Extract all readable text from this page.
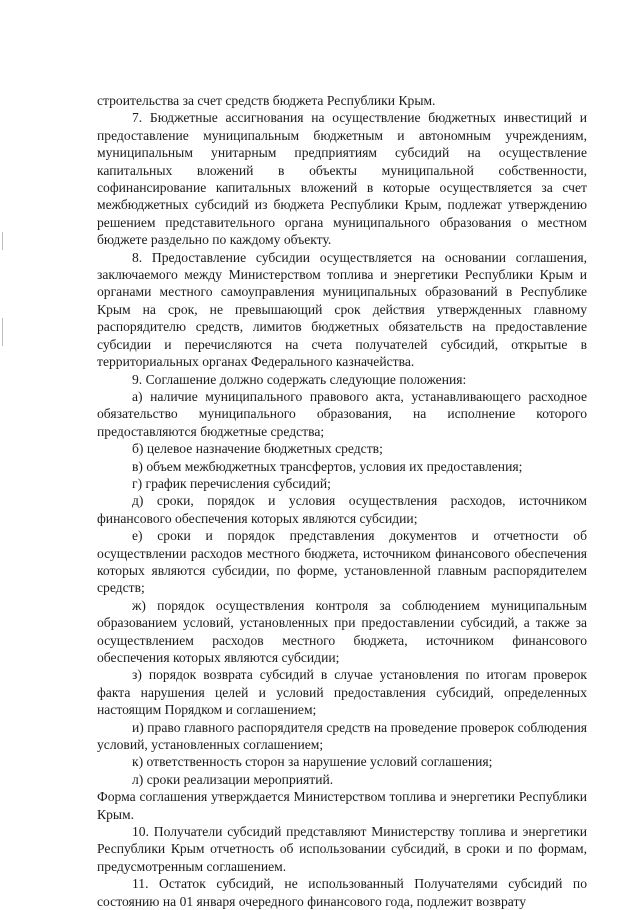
строительства за счет средств бюджета Республики Крым.

7. Бюджетные ассигнования на осуществление бюджетных инвестиций и предоставление муниципальным бюджетным и автономным учреждениям, муниципальным унитарным предприятиям субсидий на осуществление капитальных вложений в объекты муниципальной собственности, софинансирование капитальных вложений в которые осуществляется за счет межбюджетных субсидий из бюджета Республики Крым, подлежат утверждению решением представительного органа муниципального образования о местном бюджете раздельно по каждому объекту.

8. Предоставление субсидии осуществляется на основании соглашения, заключаемого между Министерством топлива и энергетики Республики Крым и органами местного самоуправления муниципальных образований в Республике Крым на срок, не превышающий срок действия утвержденных главному распорядителю средств, лимитов бюджетных обязательств на предоставление субсидии и перечисляются на счета получателей субсидий, открытые в территориальных органах Федерального казначейства.

9. Соглашение должно содержать следующие положения:

а) наличие муниципального правового акта, устанавливающего расходное обязательство муниципального образования, на исполнение которого предоставляются бюджетные средства;

б) целевое назначение бюджетных средств;

в) объем межбюджетных трансфертов, условия их предоставления;

г) график перечисления субсидий;

д) сроки, порядок и условия осуществления расходов, источником финансового обеспечения которых являются субсидии;

е) сроки и порядок представления документов и отчетности об осуществлении расходов местного бюджета, источником финансового обеспечения которых являются субсидии, по форме, установленной главным распорядителем средств;

ж) порядок осуществления контроля за соблюдением муниципальным образованием условий, установленных при предоставлении субсидий, а также за осуществлением расходов местного бюджета, источником финансового обеспечения которых являются субсидии;

з) порядок возврата субсидий в случае установления по итогам проверок факта нарушения целей и условий предоставления субсидий, определенных настоящим Порядком и соглашением;

и) право главного распорядителя средств на проведение проверок соблюдения условий, установленных соглашением;

к) ответственность сторон за нарушение условий соглашения;

л) сроки реализации мероприятий.

Форма соглашения утверждается Министерством топлива и энергетики Республики Крым.

10. Получатели субсидий представляют Министерству топлива и энергетики Республики Крым отчетность об использовании субсидий, в сроки и по формам, предусмотренным соглашением.

11. Остаток субсидий, не использованный Получателями субсидий по состоянию на 01 января очередного финансового года, подлежит возврату
